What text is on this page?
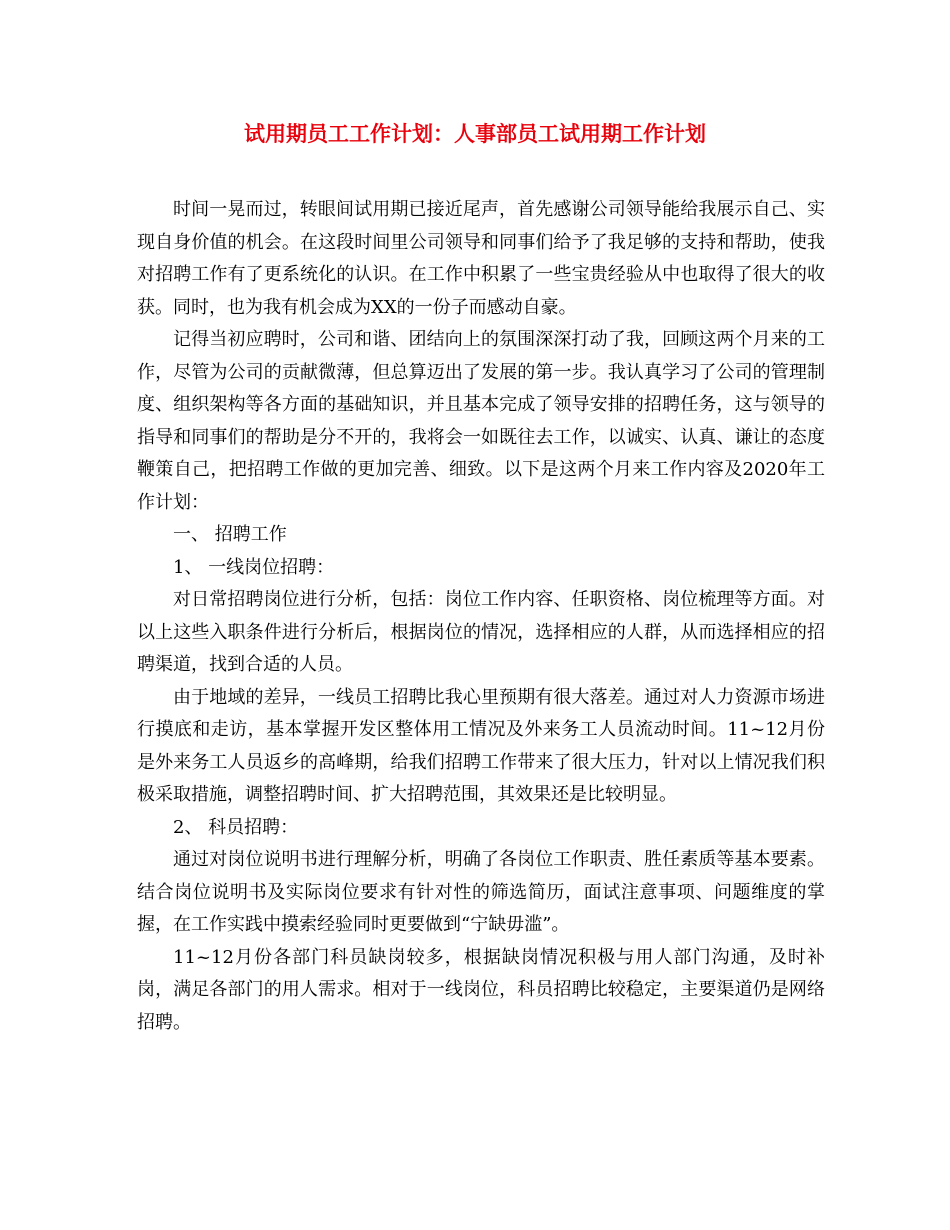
试用期员工工作计划：人事部员工试用期工作计划

时间一晃而过，转眼间试用期已接近尾声，首先感谢公司领导能给我展示自己、实现自身价值的机会。在这段时间里公司领导和同事们给予了我足够的支持和帮助，使我对招聘工作有了更系统化的认识。在工作中积累了一些宝贵经验从中也取得了很大的收获。同时，也为我有机会成为XX的一份子而感动自豪。

记得当初应聘时，公司和谐、团结向上的氛围深深打动了我，回顾这两个月来的工作，尽管为公司的贡献微薄，但总算迈出了发展的第一步。我认真学习了公司的管理制度、组织架构等各方面的基础知识，并且基本完成了领导安排的招聘任务，这与领导的指导和同事们的帮助是分不开的，我将会一如既往去工作，以诚实、认真、谦让的态度鞭策自己，把招聘工作做的更加完善、细致。以下是这两个月来工作内容及2020年工作计划：

一、 招聘工作

1、 一线岗位招聘：

对日常招聘岗位进行分析，包括：岗位工作内容、任职资格、岗位梳理等方面。对以上这些入职条件进行分析后，根据岗位的情况，选择相应的人群，从而选择相应的招聘渠道，找到合适的人员。

由于地域的差异，一线员工招聘比我心里预期有很大落差。通过对人力资源市场进行摸底和走访，基本掌握开发区整体用工情况及外来务工人员流动时间。11~12月份是外来务工人员返乡的高峰期，给我们招聘工作带来了很大压力，针对以上情况我们积极采取措施，调整招聘时间、扩大招聘范围，其效果还是比较明显。

2、 科员招聘：

通过对岗位说明书进行理解分析，明确了各岗位工作职责、胜任素质等基本要素。结合岗位说明书及实际岗位要求有针对性的筛选简历，面试注意事项、问题维度的掌握，在工作实践中摸索经验同时更要做到“宁缺毋滥”。

11~12月份各部门科员缺岗较多，根据缺岗情况积极与用人部门沟通，及时补岗，满足各部门的用人需求。相对于一线岗位，科员招聘比较稳定，主要渠道仍是网络招聘。
